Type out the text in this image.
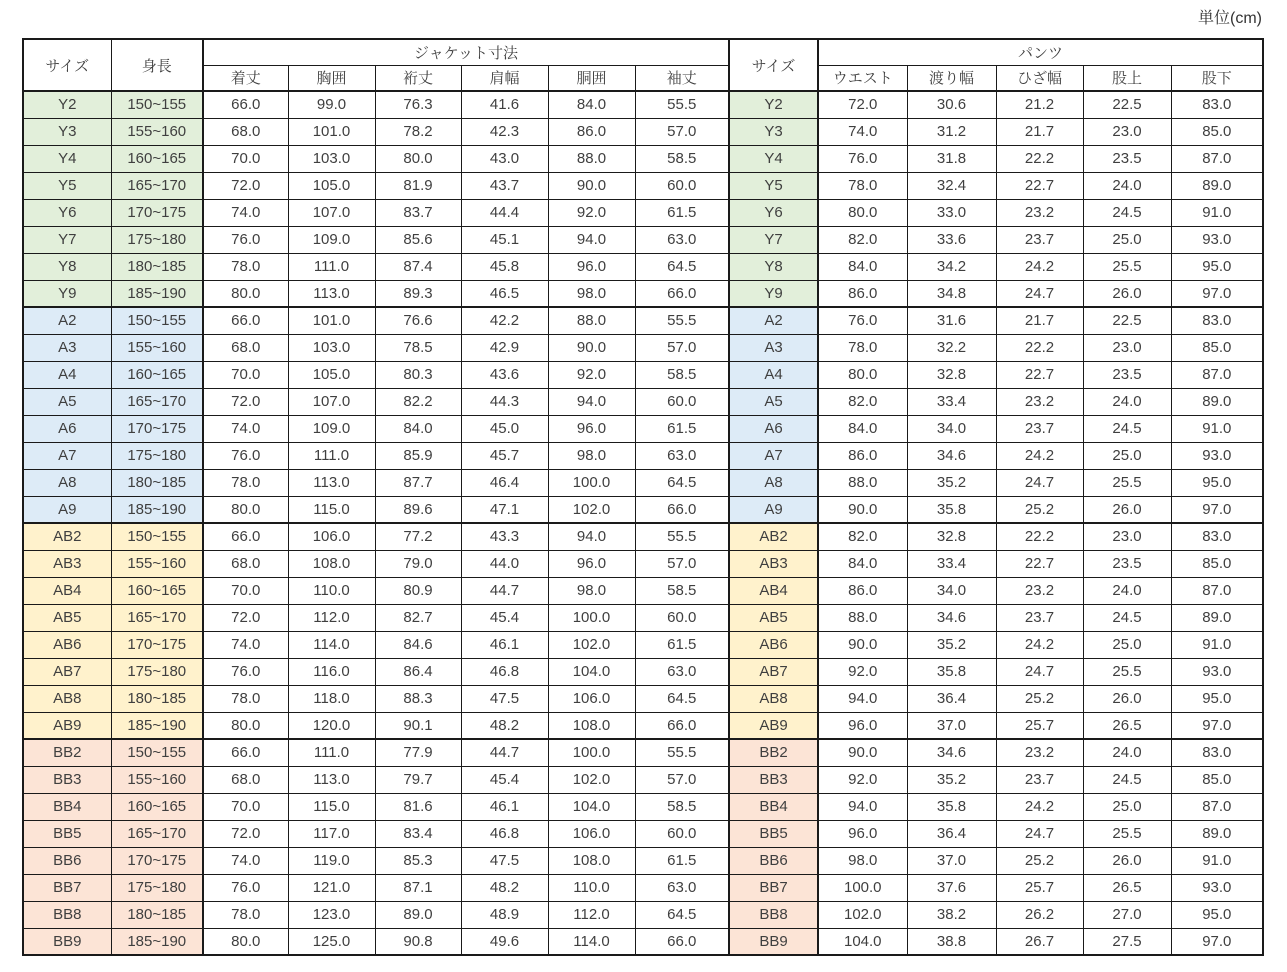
単位(cm)
サイズ	身長	ジャケット寸法						サイズ	パンツ				
		着丈	胸囲	裄丈	肩幅	胴囲	袖丈		ウエスト	渡り幅	ひざ幅	股上	股下
Y2	150~155	66.0	99.0	76.3	41.6	84.0	55.5	Y2	72.0	30.6	21.2	22.5	83.0
Y3	155~160	68.0	101.0	78.2	42.3	86.0	57.0	Y3	74.0	31.2	21.7	23.0	85.0
Y4	160~165	70.0	103.0	80.0	43.0	88.0	58.5	Y4	76.0	31.8	22.2	23.5	87.0
Y5	165~170	72.0	105.0	81.9	43.7	90.0	60.0	Y5	78.0	32.4	22.7	24.0	89.0
Y6	170~175	74.0	107.0	83.7	44.4	92.0	61.5	Y6	80.0	33.0	23.2	24.5	91.0
Y7	175~180	76.0	109.0	85.6	45.1	94.0	63.0	Y7	82.0	33.6	23.7	25.0	93.0
Y8	180~185	78.0	111.0	87.4	45.8	96.0	64.5	Y8	84.0	34.2	24.2	25.5	95.0
Y9	185~190	80.0	113.0	89.3	46.5	98.0	66.0	Y9	86.0	34.8	24.7	26.0	97.0
A2	150~155	66.0	101.0	76.6	42.2	88.0	55.5	A2	76.0	31.6	21.7	22.5	83.0
A3	155~160	68.0	103.0	78.5	42.9	90.0	57.0	A3	78.0	32.2	22.2	23.0	85.0
A4	160~165	70.0	105.0	80.3	43.6	92.0	58.5	A4	80.0	32.8	22.7	23.5	87.0
A5	165~170	72.0	107.0	82.2	44.3	94.0	60.0	A5	82.0	33.4	23.2	24.0	89.0
A6	170~175	74.0	109.0	84.0	45.0	96.0	61.5	A6	84.0	34.0	23.7	24.5	91.0
A7	175~180	76.0	111.0	85.9	45.7	98.0	63.0	A7	86.0	34.6	24.2	25.0	93.0
A8	180~185	78.0	113.0	87.7	46.4	100.0	64.5	A8	88.0	35.2	24.7	25.5	95.0
A9	185~190	80.0	115.0	89.6	47.1	102.0	66.0	A9	90.0	35.8	25.2	26.0	97.0
AB2	150~155	66.0	106.0	77.2	43.3	94.0	55.5	AB2	82.0	32.8	22.2	23.0	83.0
AB3	155~160	68.0	108.0	79.0	44.0	96.0	57.0	AB3	84.0	33.4	22.7	23.5	85.0
AB4	160~165	70.0	110.0	80.9	44.7	98.0	58.5	AB4	86.0	34.0	23.2	24.0	87.0
AB5	165~170	72.0	112.0	82.7	45.4	100.0	60.0	AB5	88.0	34.6	23.7	24.5	89.0
AB6	170~175	74.0	114.0	84.6	46.1	102.0	61.5	AB6	90.0	35.2	24.2	25.0	91.0
AB7	175~180	76.0	116.0	86.4	46.8	104.0	63.0	AB7	92.0	35.8	24.7	25.5	93.0
AB8	180~185	78.0	118.0	88.3	47.5	106.0	64.5	AB8	94.0	36.4	25.2	26.0	95.0
AB9	185~190	80.0	120.0	90.1	48.2	108.0	66.0	AB9	96.0	37.0	25.7	26.5	97.0
BB2	150~155	66.0	111.0	77.9	44.7	100.0	55.5	BB2	90.0	34.6	23.2	24.0	83.0
BB3	155~160	68.0	113.0	79.7	45.4	102.0	57.0	BB3	92.0	35.2	23.7	24.5	85.0
BB4	160~165	70.0	115.0	81.6	46.1	104.0	58.5	BB4	94.0	35.8	24.2	25.0	87.0
BB5	165~170	72.0	117.0	83.4	46.8	106.0	60.0	BB5	96.0	36.4	24.7	25.5	89.0
BB6	170~175	74.0	119.0	85.3	47.5	108.0	61.5	BB6	98.0	37.0	25.2	26.0	91.0
BB7	175~180	76.0	121.0	87.1	48.2	110.0	63.0	BB7	100.0	37.6	25.7	26.5	93.0
BB8	180~185	78.0	123.0	89.0	48.9	112.0	64.5	BB8	102.0	38.2	26.2	27.0	95.0
BB9	185~190	80.0	125.0	90.8	49.6	114.0	66.0	BB9	104.0	38.8	26.7	27.5	97.0
